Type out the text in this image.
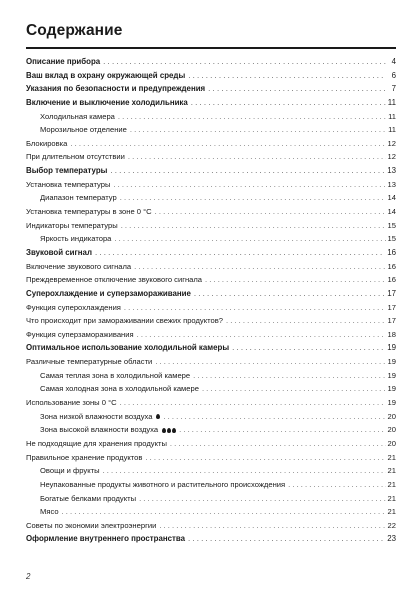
Содержание
Описание прибора . . .	4
Ваш вклад в охрану окружающей среды . . .	6
Указания по безопасности и предупреждения . . .	7
Включение и выключение холодильника . . .	11
Холодильная камера . . .	11
Морозильное отделение . . .	11
Блокировка . . .	12
При длительном отсутствии . . .	12
Выбор температуры . . .	13
Установка температуры . . .	13
Диапазон температур . . .	14
Установка температуры в зоне 0 °C . . .	14
Индикаторы температуры . . .	15
Яркость индикатора . . .	15
Звуковой сигнал . . .	16
Включение звукового сигнала . . .	16
Преждевременное отключение звукового сигнала . . .	16
Суперохлаждение и суперзамораживание . . .	17
Функция суперохлаждения . . .	17
Что происходит при замораживании свежих продуктов? . . .	17
Функция суперзамораживания . . .	18
Оптимальное использование холодильной камеры . . .	19
Различные температурные области . . .	19
Самая теплая зона в холодильной камере . . .	19
Самая холодная зона в холодильной камере . . .	19
Использование зоны 0 °C . . .	19
Зона низкой влажности воздуха . . .	20
Зона высокой влажности воздуха . . .	20
Не подходящие для хранения продукты . . .	20
Правильное хранение продуктов . . .	21
Овощи и фрукты . . .	21
Неупакованные продукты животного и растительного происхождения . . .	21
Богатые белками продукты . . .	21
Мясо . . .	21
Советы по экономии электроэнергии . . .	22
Оформление внутреннего пространства . . .	23
2
